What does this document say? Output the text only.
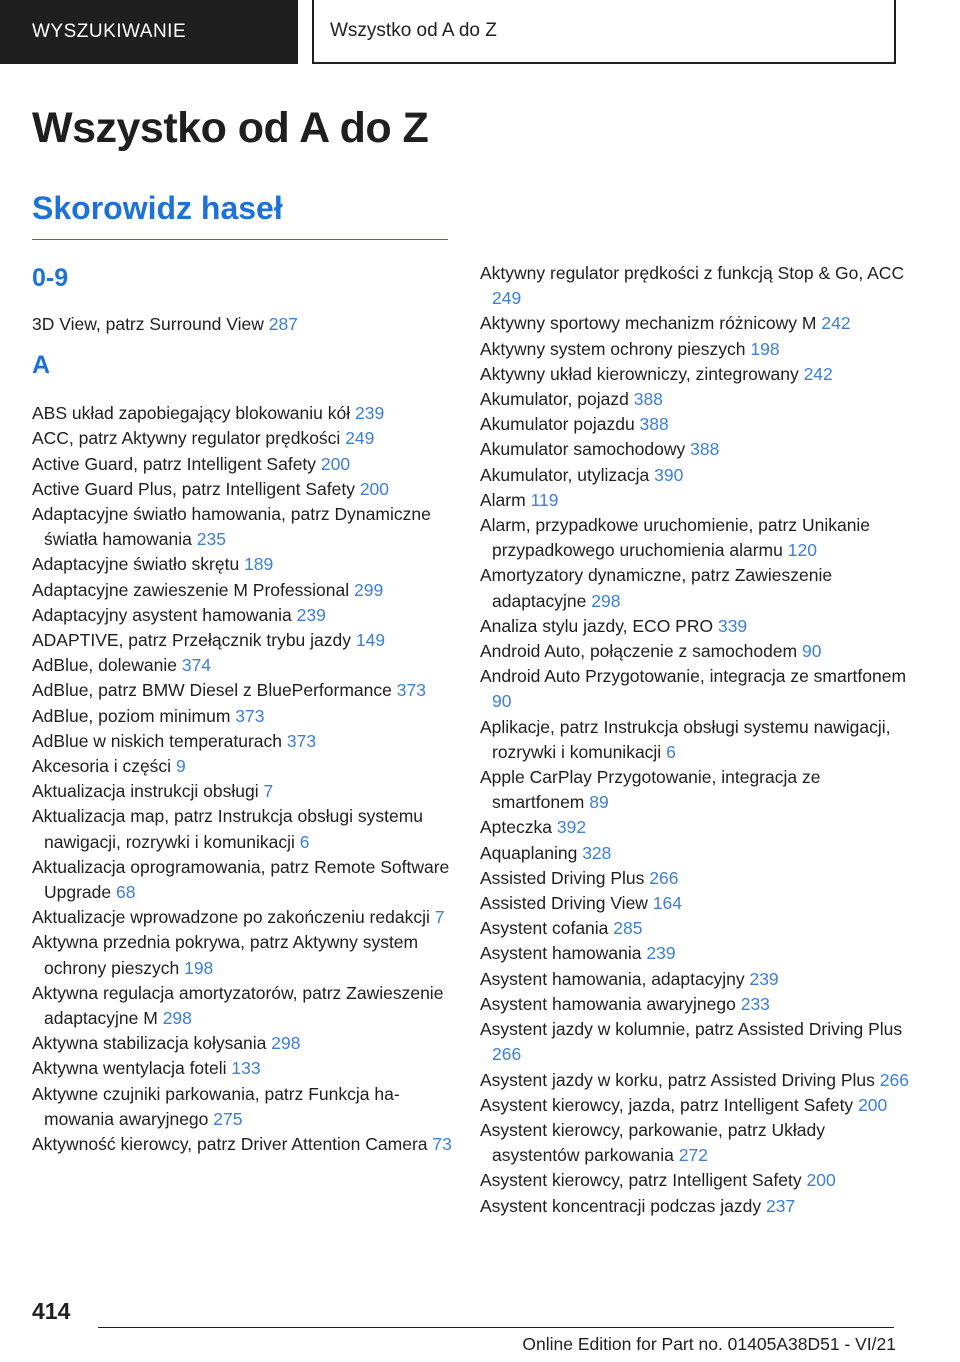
WYSZUKIWANIE	Wszystko od A do Z
Wszystko od A do Z
Skorowidz haseł
0-9
3D View, patrz Surround View 287
A
ABS układ zapobiegający blokowaniu kół 239
ACC, patrz Aktywny regulator prędkości 249
Active Guard, patrz Intelligent Safety 200
Active Guard Plus, patrz Intelligent Safety 200
Adaptacyjne światło hamowania, patrz Dynamiczne światła hamowania 235
Adaptacyjne światło skrętu 189
Adaptacyjne zawieszenie M Professional 299
Adaptacyjny asystent hamowania 239
ADAPTIVE, patrz Przełącznik trybu jazdy 149
AdBlue, dolewanie 374
AdBlue, patrz BMW Diesel z BluePerformance 373
AdBlue, poziom minimum 373
AdBlue w niskich temperaturach 373
Akcesoria i części 9
Aktualizacja instrukcji obsługi 7
Aktualizacja map, patrz Instrukcja obsługi systemu nawigacji, rozrywki i komunikacji 6
Aktualizacja oprogramowania, patrz Remote Software Upgrade 68
Aktualizacje wprowadzone po zakończeniu redakcji 7
Aktywna przednia pokrywa, patrz Aktywny system ochrony pieszych 198
Aktywna regulacja amortyzatorów, patrz Zawieszenie adaptacyjne M 298
Aktywna stabilizacja kołysania 298
Aktywna wentylacja foteli 133
Aktywne czujniki parkowania, patrz Funkcja hamowania awaryjnego 275
Aktywność kierowcy, patrz Driver Attention Camera 73
Aktywny regulator prędkości z funkcją Stop & Go, ACC 249
Aktywny sportowy mechanizm różnicowy M 242
Aktywny system ochrony pieszych 198
Aktywny układ kierowniczy, zintegrowany 242
Akumulator, pojazd 388
Akumulator pojazdu 388
Akumulator samochodowy 388
Akumulator, utylizacja 390
Alarm 119
Alarm, przypadkowe uruchomienie, patrz Unikanie przypadkowego uruchomienia alarmu 120
Amortyzatory dynamiczne, patrz Zawieszenie adaptacyjne 298
Analiza stylu jazdy, ECO PRO 339
Android Auto, połączenie z samochodem 90
Android Auto Przygotowanie, integracja ze smartfonem 90
Aplikacje, patrz Instrukcja obsługi systemu nawigacji, rozrywki i komunikacji 6
Apple CarPlay Przygotowanie, integracja ze smartfonem 89
Apteczka 392
Aquaplaning 328
Assisted Driving Plus 266
Assisted Driving View 164
Asystent cofania 285
Asystent hamowania 239
Asystent hamowania, adaptacyjny 239
Asystent hamowania awaryjnego 233
Asystent jazdy w kolumnie, patrz Assisted Driving Plus 266
Asystent jazdy w korku, patrz Assisted Driving Plus 266
Asystent kierowcy, jazda, patrz Intelligent Safety 200
Asystent kierowcy, parkowanie, patrz Układy asystentów parkowania 272
Asystent kierowcy, patrz Intelligent Safety 200
Asystent koncentracji podczas jazdy 237
414
Online Edition for Part no. 01405A38D51 - VI/21
